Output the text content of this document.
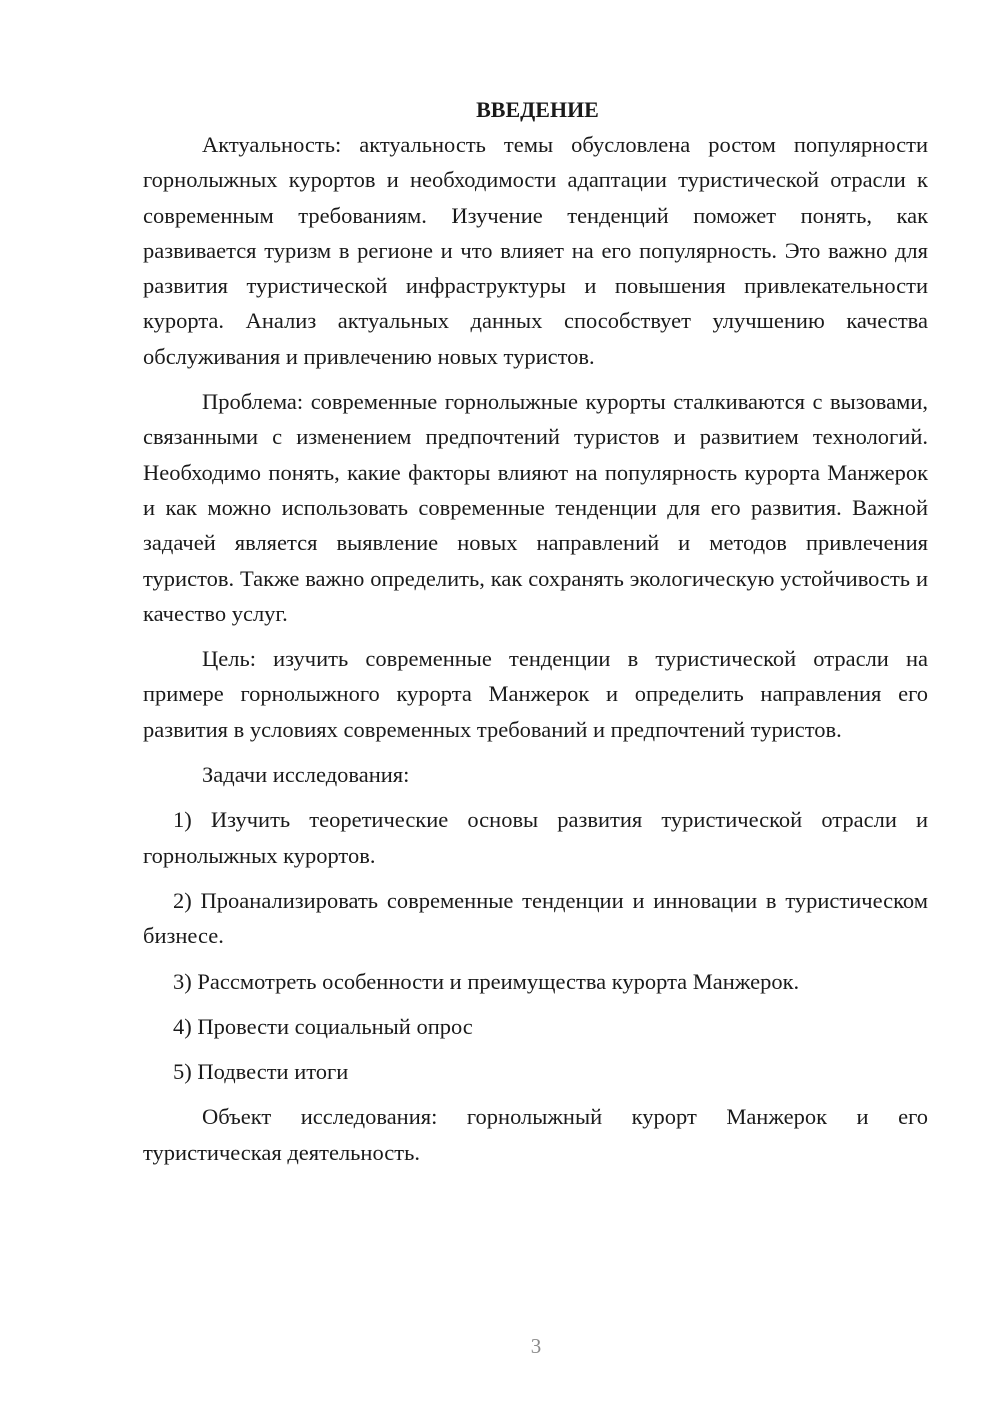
ВВЕДЕНИЕ

Актуальность: актуальность темы обусловлена ростом популярности горнолыжных курортов и необходимости адаптации туристической отрасли к современным требованиям. Изучение тенденций поможет понять, как развивается туризм в регионе и что влияет на его популярность. Это важно для развития туристической инфраструктуры и повышения привлекательности курорта. Анализ актуальных данных способствует улучшению качества обслуживания и привлечению новых туристов.

Проблема: современные горнолыжные курорты сталкиваются с вызовами, связанными с изменением предпочтений туристов и развитием технологий. Необходимо понять, какие факторы влияют на популярность курорта Манжерок и как можно использовать современные тенденции для его развития. Важной задачей является выявление новых направлений и методов привлечения туристов. Также важно определить, как сохранять экологическую устойчивость и качество услуг.

Цель: изучить современные тенденции в туристической отрасли на примере горнолыжного курорта Манжерок и определить направления его развития в условиях современных требований и предпочтений туристов.

Задачи исследования:

1) Изучить теоретические основы развития туристической отрасли и горнолыжных курортов.

2) Проанализировать современные тенденции и инновации в туристическом бизнесе.

3) Рассмотреть особенности и преимущества курорта Манжерок.

4) Провести социальный опрос

5) Подвести итоги

Объект исследования: горнолыжный курорт Манжерок и его туристическая деятельность.

3
